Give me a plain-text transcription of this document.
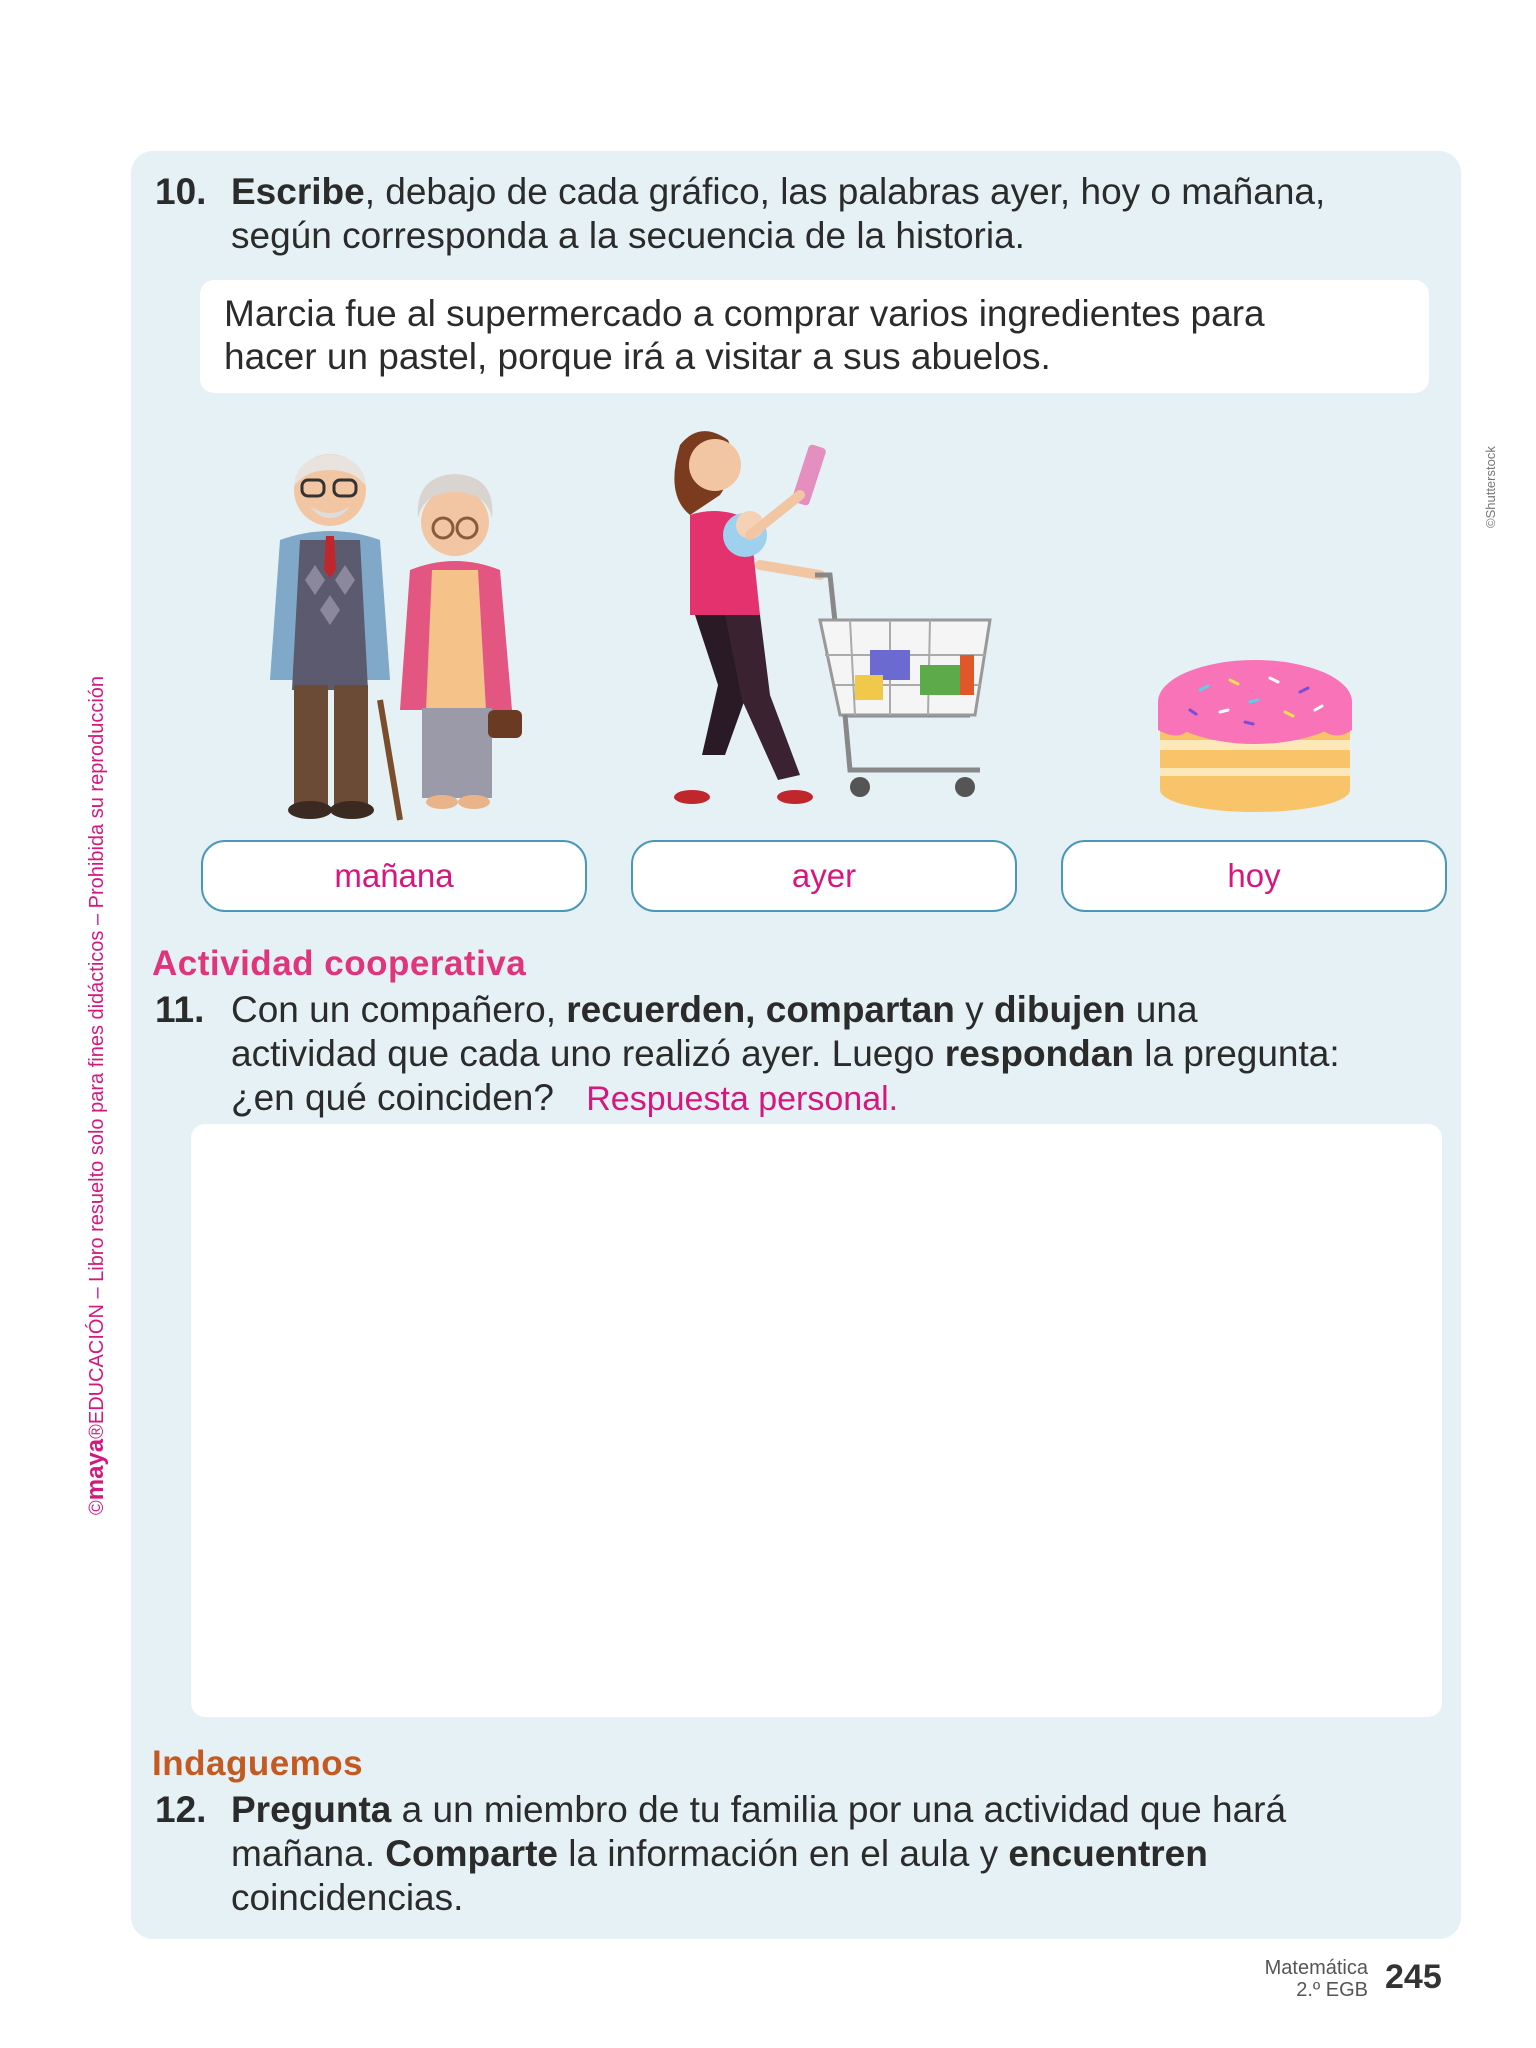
10. Escribe, debajo de cada gráfico, las palabras ayer, hoy o mañana,
según corresponda a la secuencia de la historia.
Marcia fue al supermercado a comprar varios ingredientes para
hacer un pastel, porque irá a visitar a sus abuelos.
mañana	ayer	hoy
Actividad cooperativa
11. Con un compañero, recuerden, compartan y dibujen una
actividad que cada uno realizó ayer. Luego respondan la pregunta:
¿en qué coinciden? Respuesta personal.
Indaguemos
12. Pregunta a un miembro de tu familia por una actividad que hará
mañana. Comparte la información en el aula y encuentren
coincidencias.
©maya®EDUCACIÓN – Libro resuelto solo para fines didácticos – Prohibida su reproducción
©Shutterstock
Matemática
2.º EGB 245
